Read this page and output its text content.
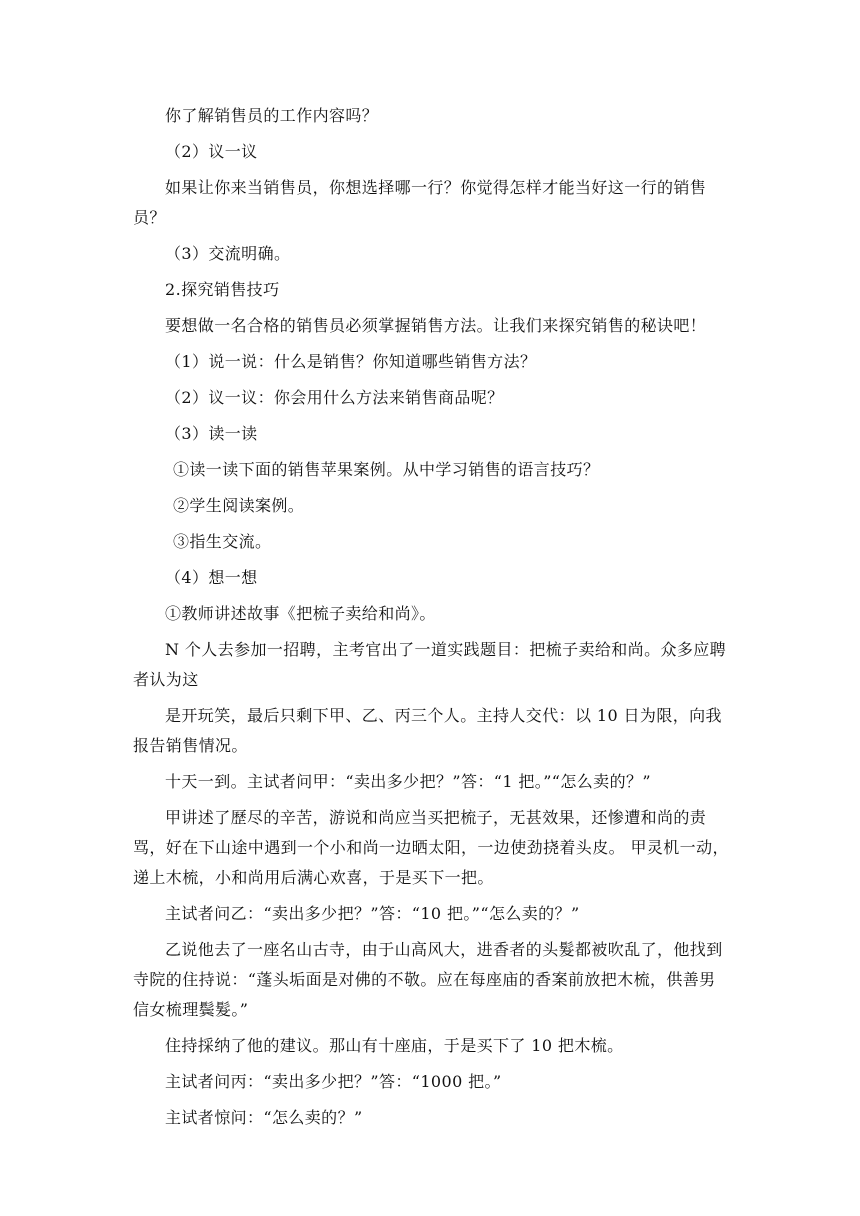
你了解销售员的工作内容吗？

（2）议一议

如果让你来当销售员，你想选择哪一行？你觉得怎样才能当好这一行的销售员？

（3）交流明确。

2.探究销售技巧

要想做一名合格的销售员必须掌握销售方法。让我们来探究销售的秘诀吧！

（1）说一说：什么是销售？你知道哪些销售方法？

（2）议一议：你会用什么方法来销售商品呢？

（3）读一读

①读一读下面的销售苹果案例。从中学习销售的语言技巧？

②学生阅读案例。

③指生交流。

（4）想一想

①教师讲述故事《把梳子卖给和尚》。

N 个人去参加一招聘，主考官出了一道实践题目：把梳子卖给和尚。众多应聘者认为这

是开玩笑，最后只剩下甲、乙、丙三个人。主持人交代：以 10 日为限，向我报告销售情况。

十天一到。主试者问甲：“卖出多少把？”答：“1 把。”“怎么卖的？”

甲讲述了歷尽的辛苦，游说和尚应当买把梳子，无甚效果，还惨遭和尚的责骂，好在下山途中遇到一个小和尚一边晒太阳，一边使劲挠着头皮。 甲灵机一动，递上木梳，小和尚用后满心欢喜，于是买下一把。

主试者问乙：“卖出多少把？”答：“10 把。”“怎么卖的？”

乙说他去了一座名山古寺，由于山高风大，进香者的头髮都被吹乱了，他找到寺院的住持说：“蓬头垢面是对佛的不敬。应在每座庙的香案前放把木梳，供善男信女梳理鬓髮。”

住持採纳了他的建议。那山有十座庙，于是买下了 10 把木梳。

主试者问丙：“卖出多少把？”答：“1000 把。”

主试者惊问：“怎么卖的？”
